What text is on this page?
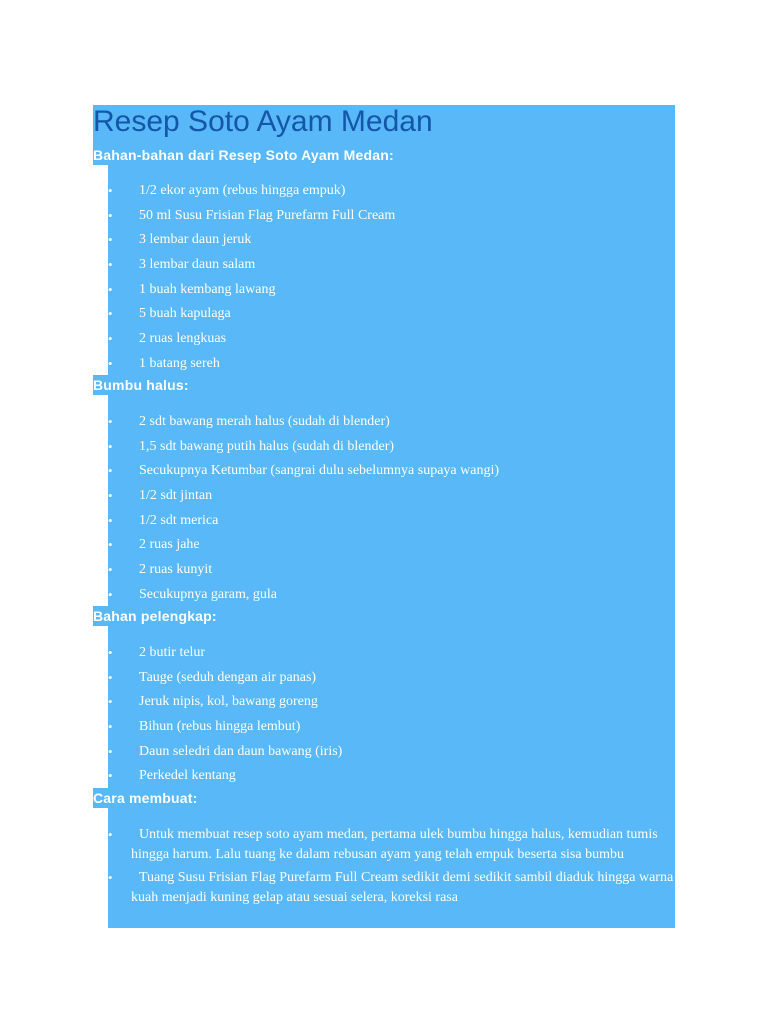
Resep Soto Ayam Medan
Bahan-bahan dari Resep Soto Ayam Medan:
• 1/2 ekor ayam (rebus hingga empuk)
• 50 ml Susu Frisian Flag Purefarm Full Cream
• 3 lembar daun jeruk
• 3 lembar daun salam
• 1 buah kembang lawang
• 5 buah kapulaga
• 2 ruas lengkuas
• 1 batang sereh
Bumbu halus:
• 2 sdt bawang merah halus (sudah di blender)
• 1,5 sdt bawang putih halus (sudah di blender)
• Secukupnya Ketumbar (sangrai dulu sebelumnya supaya wangi)
• 1/2 sdt jintan
• 1/2 sdt merica
• 2 ruas jahe
• 2 ruas kunyit
• Secukupnya garam, gula
Bahan pelengkap:
• 2 butir telur
• Tauge (seduh dengan air panas)
• Jeruk nipis, kol, bawang goreng
• Bihun (rebus hingga lembut)
• Daun seledri dan daun bawang (iris)
• Perkedel kentang
Cara membuat:
• Untuk membuat resep soto ayam medan, pertama ulek bumbu hingga halus, kemudian tumis hingga harum. Lalu tuang ke dalam rebusan ayam yang telah empuk beserta sisa bumbu
• Tuang Susu Frisian Flag Purefarm Full Cream sedikit demi sedikit sambil diaduk hingga warna kuah menjadi kuning gelap atau sesuai selera, koreksi rasa
